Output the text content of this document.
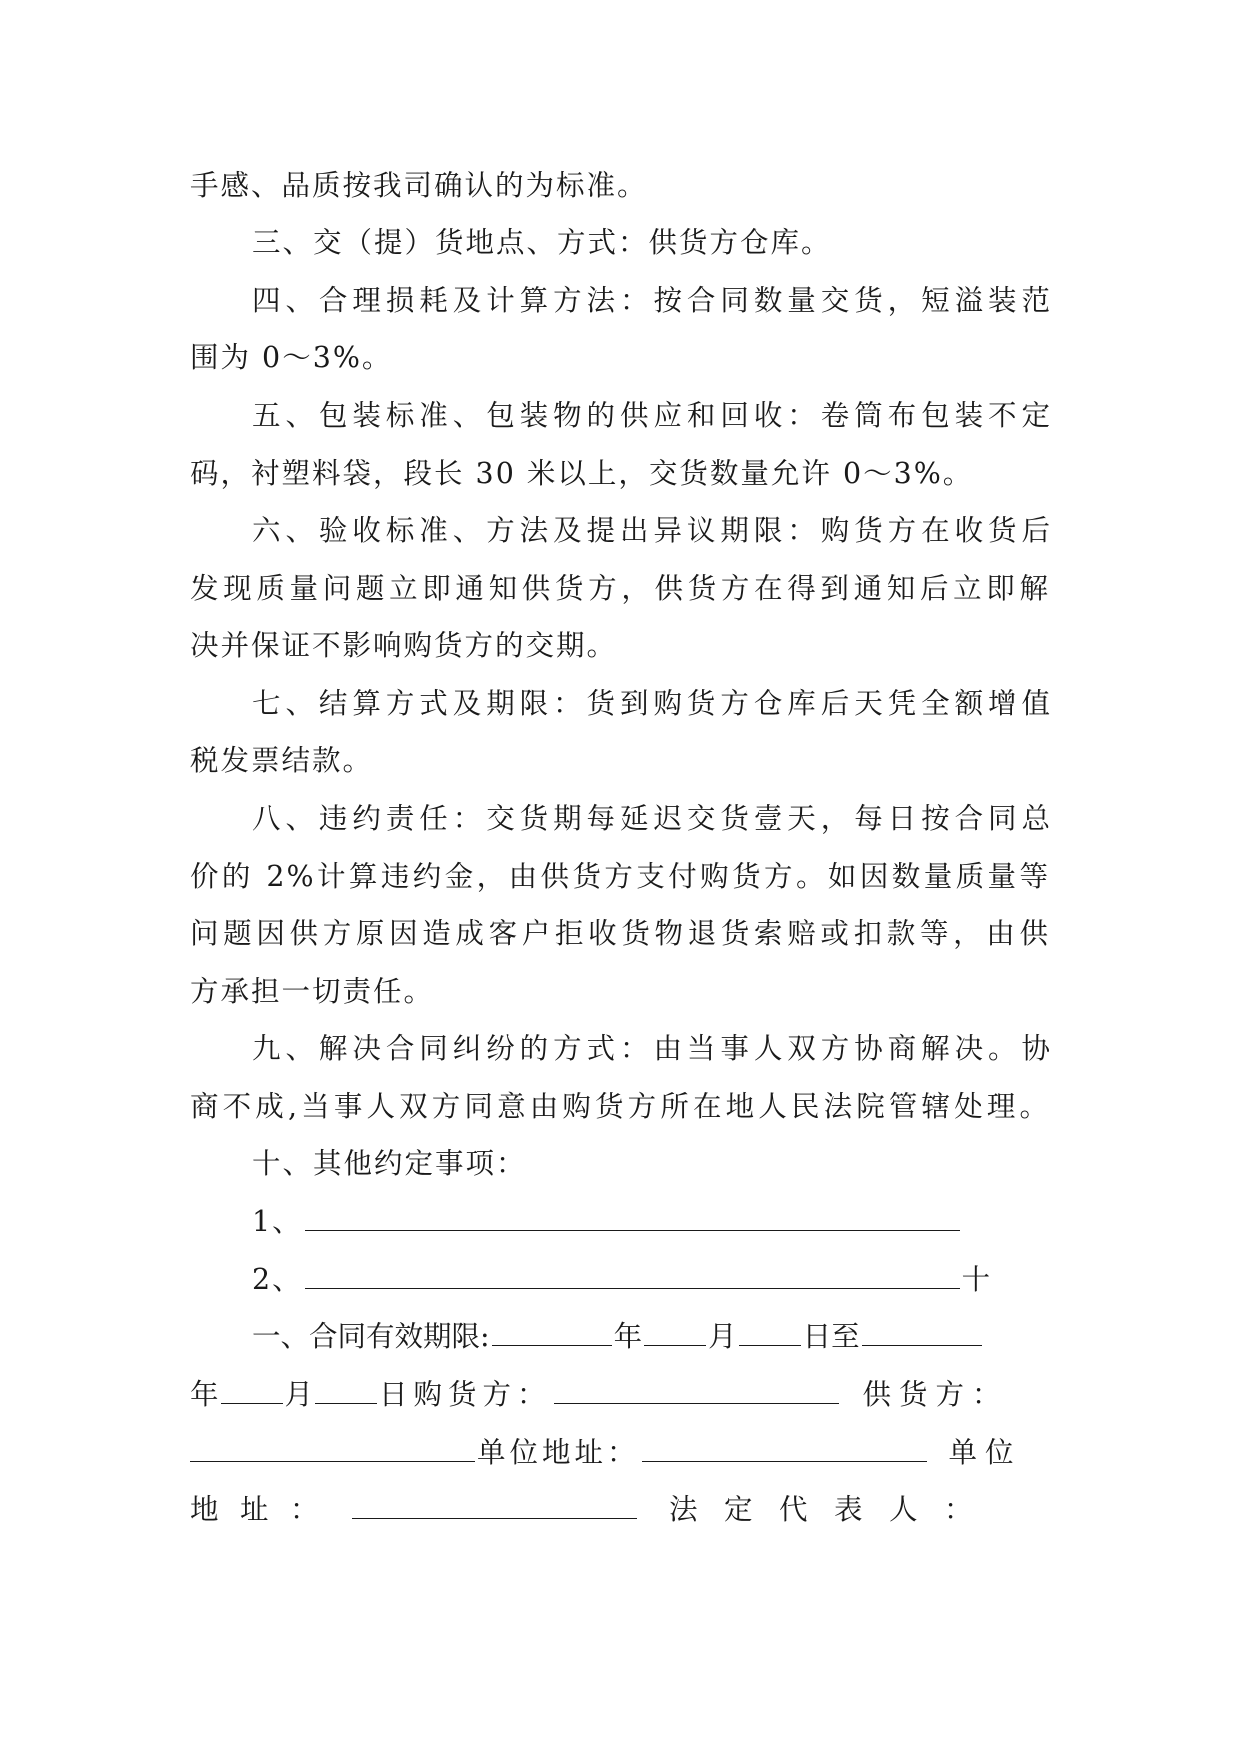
手感、品质按我司确认的为标准。
三、交（提）货地点、方式：供货方仓库。
四、合理损耗及计算方法：按合同数量交货，短溢装范
围为 0～3%。
五、包装标准、包装物的供应和回收：卷筒布包装不定
码，衬塑料袋，段长 30 米以上，交货数量允许 0～3%。
六、验收标准、方法及提出异议期限：购货方在收货后
发现质量问题立即通知供货方，供货方在得到通知后立即解
决并保证不影响购货方的交期。
七、结算方式及期限：货到购货方仓库后天凭全额增值
税发票结款。
八、违约责任：交货期每延迟交货壹天，每日按合同总
价的 2%计算违约金，由供货方支付购货方。如因数量质量等
问题因供方原因造成客户拒收货物退货索赔或扣款等，由供
方承担一切责任。
九、解决合同纠纷的方式：由当事人双方协商解决。协
商不成,当事人双方同意由购货方所在地人民法院管辖处理。
十、其他约定事项：
1、
2、	十
一、合同有效期限:	年 月 日至
年 月 日购货方：	供货方：
单位地址：	单位
地 址 ：	法 定 代 表 人 ：
